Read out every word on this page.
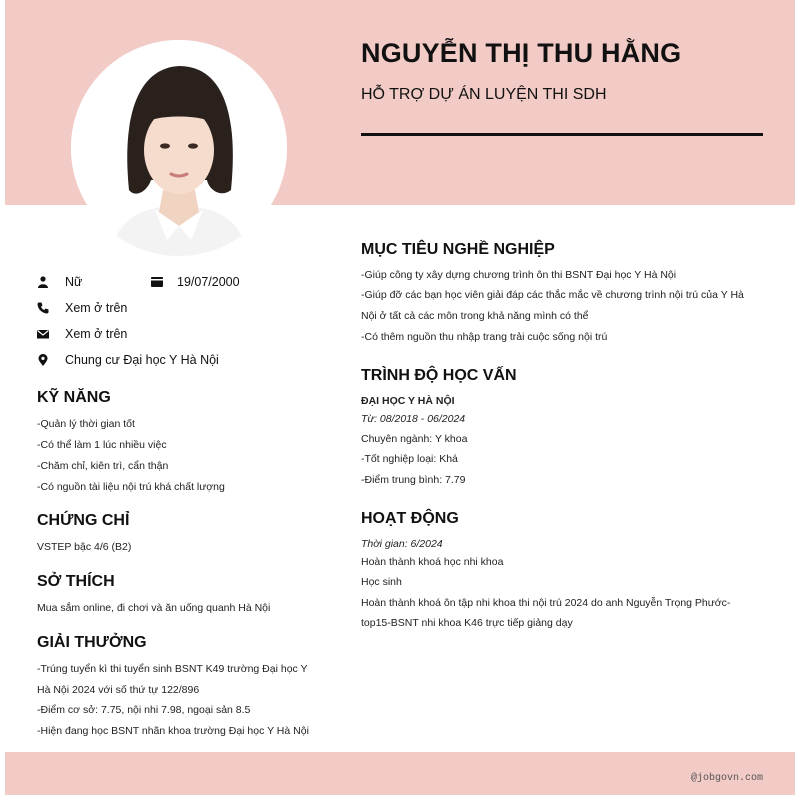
NGUYỄN THỊ THU HẰNG
HỖ TRỢ DỰ ÁN LUYỆN THI SDH
Nữ	19/07/2000
Xem ở trên
Xem ở trên
Chung cư Đại học Y Hà Nội
KỸ NĂNG
-Quản lý thời gian tốt
-Có thể làm 1 lúc nhiều việc
-Chăm chỉ, kiên trì, cẩn thận
-Có nguồn tài liệu nội trú khá chất lượng
CHỨNG CHỈ
VSTEP bậc 4/6 (B2)
SỞ THÍCH
Mua sắm online, đi chơi và ăn uống quanh Hà Nội
GIẢI THƯỞNG
-Trúng tuyển kì thi tuyển sinh BSNT K49 trường Đại học Y
Hà Nội 2024 với số thứ tự 122/896
-Điểm cơ sở: 7.75, nội nhi 7.98, ngoại sản 8.5
-Hiện đang học BSNT nhãn khoa trường Đại học Y Hà Nội
MỤC TIÊU NGHỀ NGHIỆP
-Giúp công ty xây dựng chương trình ôn thi BSNT Đại học Y Hà Nội
-Giúp đỡ các bạn học viên giải đáp các thắc mắc về chương trình nội trú của Y Hà
Nội ở tất cả các môn trong khả năng mình có thể
-Có thêm nguồn thu nhập trang trải cuộc sống nội trú
TRÌNH ĐỘ HỌC VẤN
ĐẠI HỌC Y HÀ NỘI
Từ: 08/2018 - 06/2024
Chuyên ngành: Y khoa
-Tốt nghiệp loại: Khá
-Điểm trung bình: 7.79
HOẠT ĐỘNG
Thời gian: 6/2024
Hoàn thành khoá học nhi khoa
Học sinh
Hoàn thành khoá ôn tập nhi khoa thi nội trú 2024 do anh Nguyễn Trọng Phước-
top15-BSNT nhi khoa K46 trực tiếp giảng dạy
@jobgovn.com
